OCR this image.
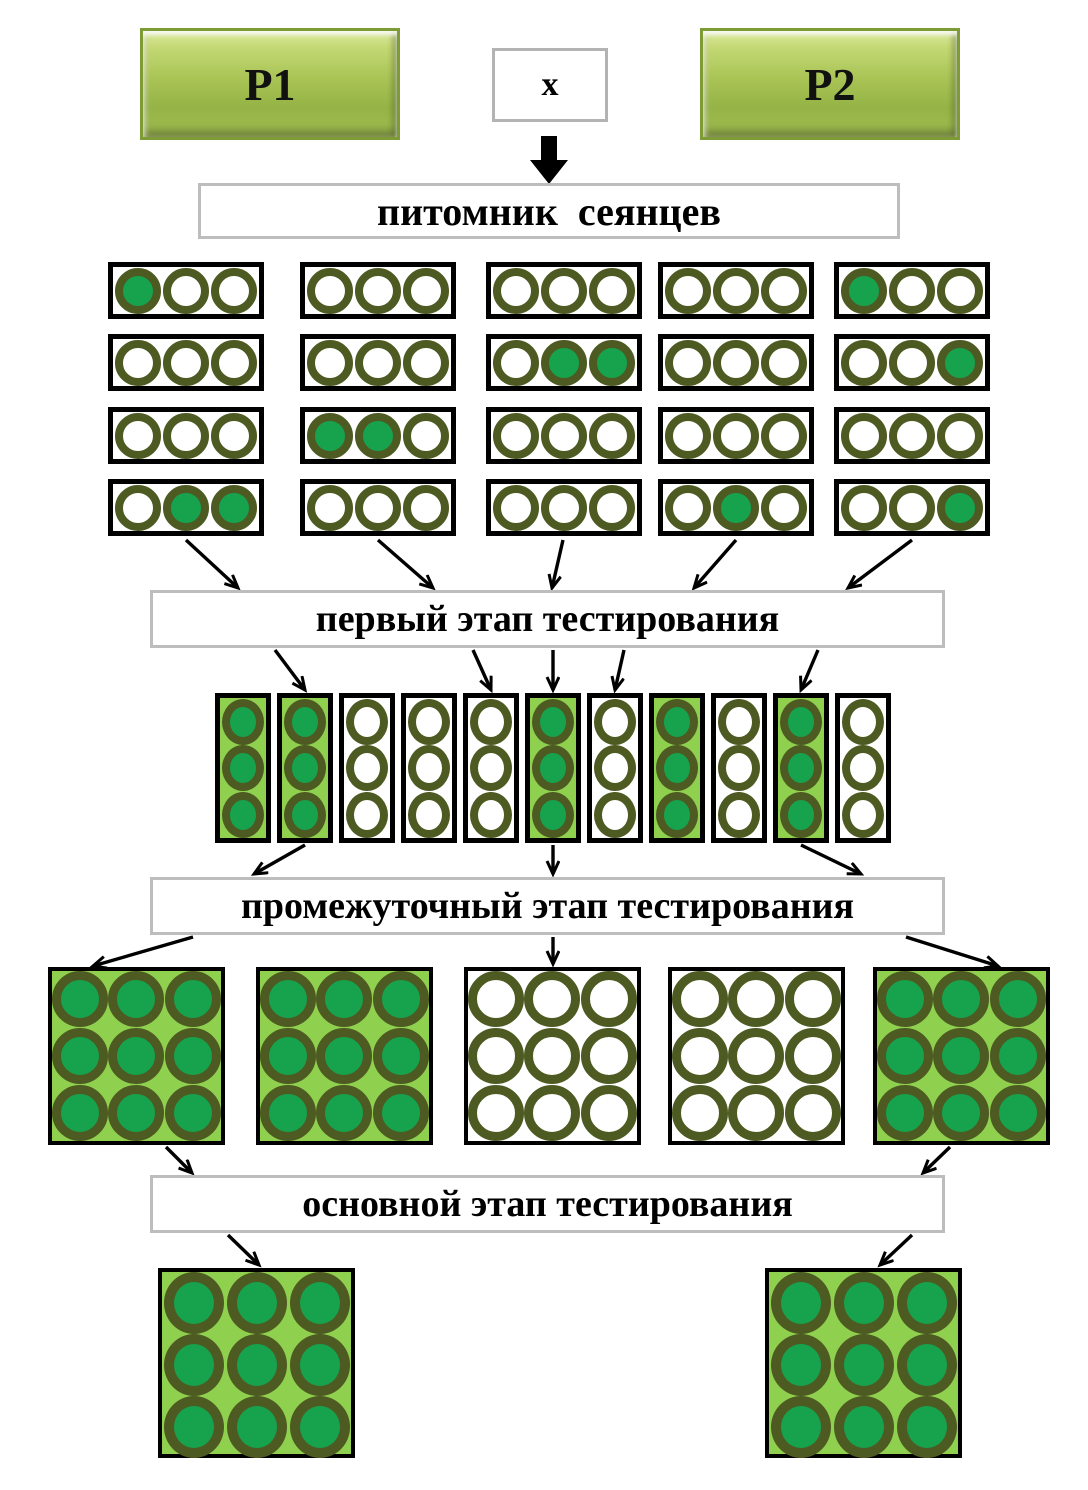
P1	x	P2
питомник  сеянцев
первый этап тестирования
промежуточный этап тестирования
основной этап тестирования
